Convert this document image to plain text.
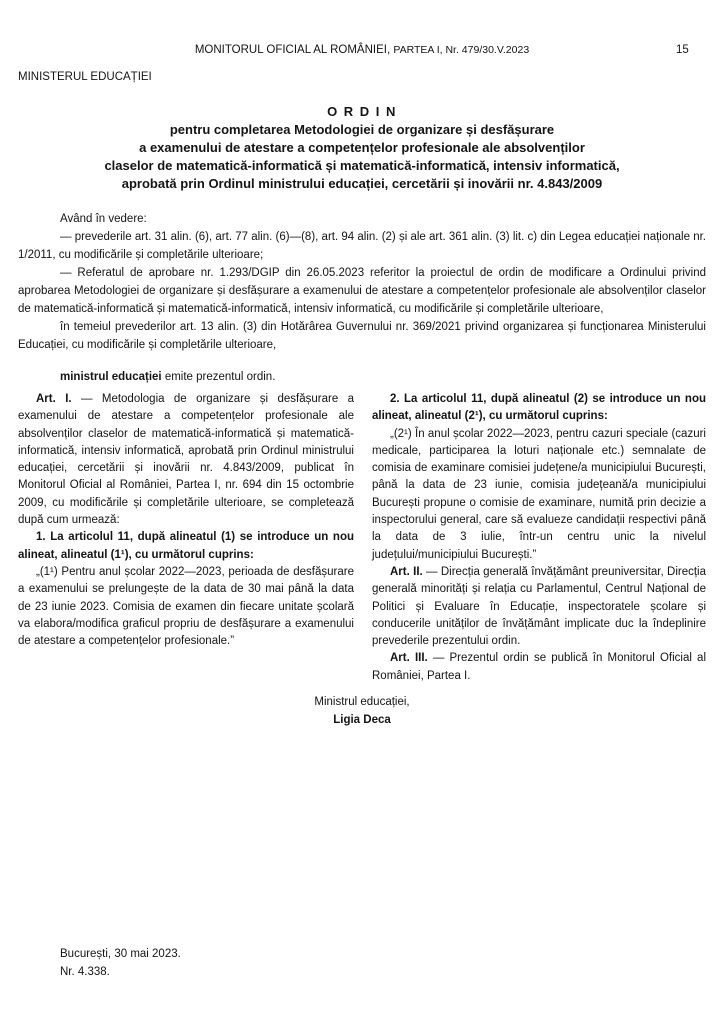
MONITORUL OFICIAL AL ROMÂNIEI, PARTEA I, Nr. 479/30.V.2023	15
MINISTERUL EDUCAȚIEI
O R D I N
pentru completarea Metodologiei de organizare și desfășurare
a examenului de atestare a competențelor profesionale ale absolvenților
claselor de matematică-informatică și matematică-informatică, intensiv informatică,
aprobată prin Ordinul ministrului educației, cercetării și inovării nr. 4.843/2009

Având în vedere:

— prevederile art. 31 alin. (6), art. 77 alin. (6)—(8), art. 94 alin. (2) și ale art. 361 alin. (3) lit. c) din Legea educației naționale nr. 1/2011, cu modificările și completările ulterioare;

— Referatul de aprobare nr. 1.293/DGIP din 26.05.2023 referitor la proiectul de ordin de modificare a Ordinului privind aprobarea Metodologiei de organizare și desfășurare a examenului de atestare a competențelor profesionale ale absolvenților claselor de matematică-informatică și matematică-informatică, intensiv informatică, cu modificările și completările ulterioare,

în temeiul prevederilor art. 13 alin. (3) din Hotărârea Guvernului nr. 369/2021 privind organizarea și funcționarea Ministerului Educației, cu modificările și completările ulterioare,

ministrul educației emite prezentul ordin.

Art. I. — Metodologia de organizare și desfășurare a examenului de atestare a competențelor profesionale ale absolvenților claselor de matematică-informatică și matematică-informatică, intensiv informatică, aprobată prin Ordinul ministrului educației, cercetării și inovării nr. 4.843/2009, publicat în Monitorul Oficial al României, Partea I, nr. 694 din 15 octombrie 2009, cu modificările și completările ulterioare, se completează după cum urmează:

1. La articolul 11, după alineatul (1) se introduce un nou alineat, alineatul (1¹), cu următorul cuprins:

„(1¹) Pentru anul școlar 2022—2023, perioada de desfășurare a examenului se prelungește de la data de 30 mai până la data de 23 iunie 2023. Comisia de examen din fiecare unitate școlară va elabora/modifica graficul propriu de desfășurare a examenului de atestare a competențelor profesionale.”

2. La articolul 11, după alineatul (2) se introduce un nou alineat, alineatul (2¹), cu următorul cuprins:

„(2¹) În anul școlar 2022—2023, pentru cazuri speciale (cazuri medicale, participarea la loturi naționale etc.) semnalate de comisia de examinare comisiei județene/a municipiului București, până la data de 23 iunie, comisia județeană/a municipiului București propune o comisie de examinare, numită prin decizie a inspectorului general, care să evalueze candidații respectivi până la data de 3 iulie, într-un centru unic la nivelul județului/municipiului București.”

Art. II. — Direcția generală învățământ preuniversitar, Direcția generală minorități și relația cu Parlamentul, Centrul Național de Politici și Evaluare în Educație, inspectoratele școlare și conducerile unităților de învățământ implicate duc la îndeplinire prevederile prezentului ordin.

Art. III. — Prezentul ordin se publică în Monitorul Oficial al României, Partea I.

Ministrul educației,
Ligia Deca
București, 30 mai 2023.
Nr. 4.338.
